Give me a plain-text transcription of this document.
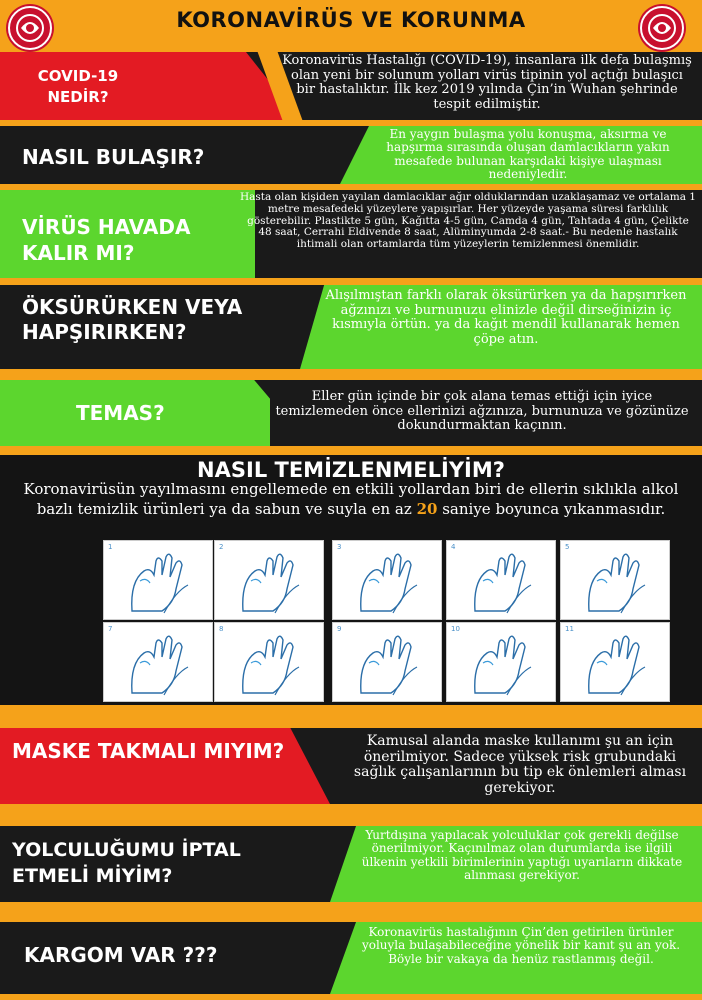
KORONAVİRÜS VE KORUNMA
COVID-19 NEDİR?
Koronavirüs Hastalığı (COVID-19), insanlara ilk defa bulaşmış olan yeni bir solunum yolları virüs tipinin yol açtığı bulaşıcı bir hastalıktır. İlk kez 2019 yılında Çin’in Wuhan şehrinde tespit edilmiştir.
NASIL BULAŞIR?
En yaygın bulaşma yolu konuşma, aksırma ve hapşırma sırasında oluşan damlacıkların yakın mesafede bulunan karşıdaki kişiye ulaşması nedeniyledir.
VİRÜS HAVADA KALIR MI?
Hasta olan kişiden yayılan damlacıklar ağır olduklarından uzaklaşamaz ve ortalama 1 metre mesafedeki yüzeylere yapışırlar. Her yüzeyde yaşama süresi farklılık gösterebilir. Plastikte 5 gün, Kağıtta 4-5 gün, Camda 4 gün, Tahtada 4 gün, Çelikte 48 saat, Cerrahi Eldivende 8 saat, Alüminyumda 2-8 saat.- Bu nedenle hastalık ihtimali olan ortamlarda tüm yüzeylerin temizlenmesi önemlidir.
ÖKSÜRÜRKEN VEYA HAPŞIRIRKEN?
Alışılmıştan farklı olarak öksürürken ya da hapşırırken ağzınızı ve burnunuzu elinizle değil dirseğinizin iç kısmıyla örtün. ya da kağıt mendil kullanarak hemen çöpe atın.
TEMAS?
Eller gün içinde bir çok alana temas ettiği için iyice temizlemeden önce ellerinizi ağzınıza, burnunuza ve gözünüze dokundurmaktan kaçının.
NASIL TEMİZLENMELİYİM?
Koronavirüsün yayılmasını engellemede en etkili yollardan biri de ellerin sıklıkla alkol bazlı temizlik ürünleri ya da sabun ve suyla en az 20 saniye boyunca yıkanmasıdır.
1	2	3	4	5
7	8	9	10	11
MASKE TAKMALI MIYIM?	Kamusal alanda maske kullanımı şu an için önerilmiyor. Sadece yüksek risk grubundaki sağlık çalışanlarının bu tip ek önlemleri alması gerekiyor.
YOLCULUĞUMU İPTAL ETMELİ MİYİM?
Yurtdışına yapılacak yolculuklar çok gerekli değilse önerilmiyor. Kaçınılmaz olan durumlarda ise ilgili ülkenin yetkili birimlerinin yaptığı uyarıların dikkate alınması gerekiyor.
KARGOM VAR ???
Koronavirüs hastalığının Çin’den getirilen ürünler yoluyla bulaşabileceğine yönelik bir kanıt şu an yok. Böyle bir vakaya da henüz rastlanmış değil.
